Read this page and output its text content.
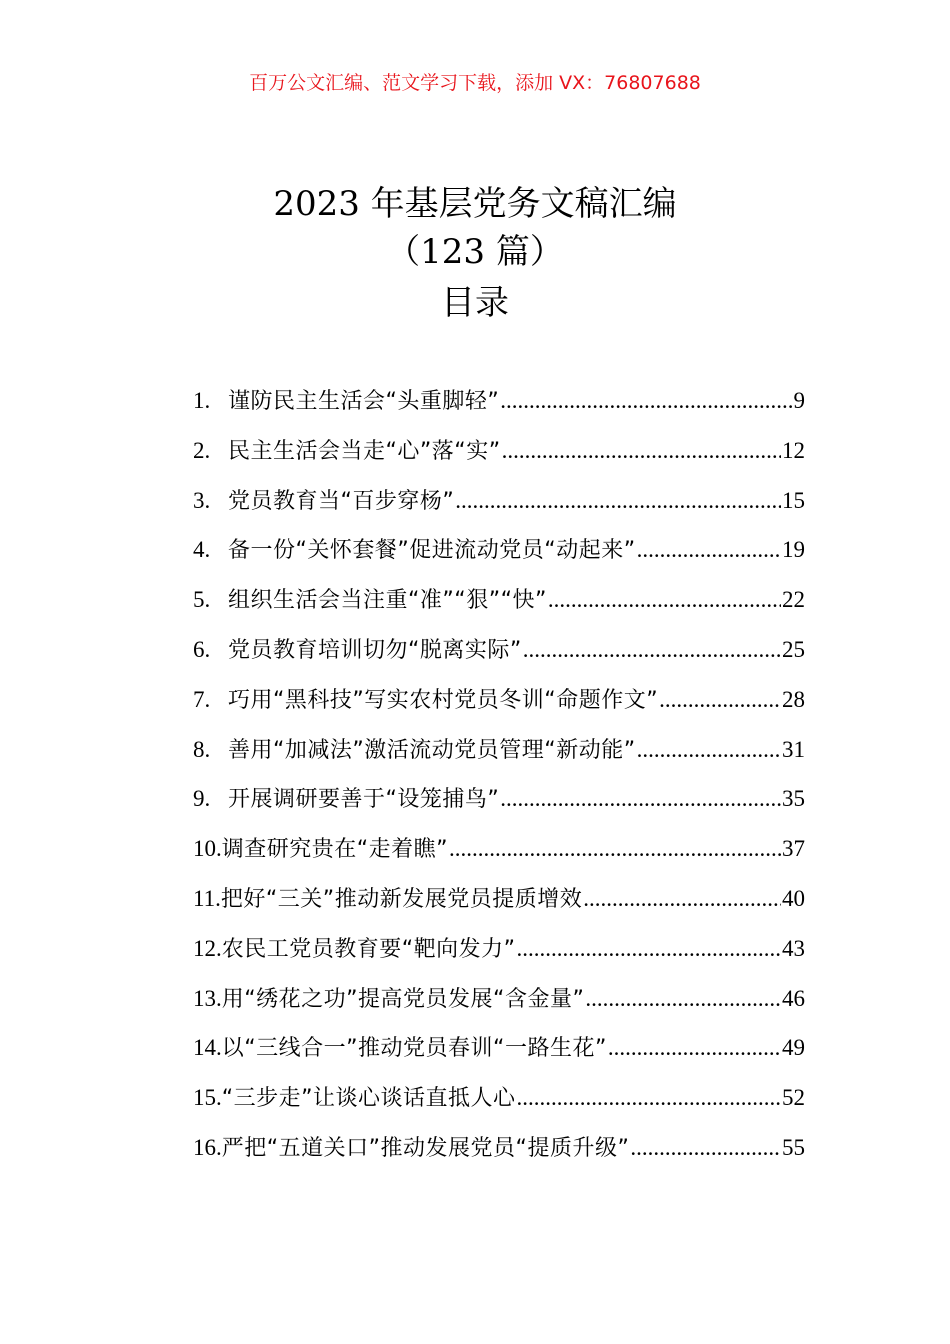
百万公文汇编、范文学习下载，添加 VX：76807688
2023 年基层党务文稿汇编
（123 篇）
目录
1. 谨防民主生活会“头重脚轻” .....	9
2. 民主生活会当走“心”落“实” .....	12
3. 党员教育当“百步穿杨” .....	15
4. 备一份“关怀套餐”促进流动党员“动起来” .....	19
5. 组织生活会当注重“准”“狠”“快” .....	22
6. 党员教育培训切勿“脱离实际” .....	25
7. 巧用“黑科技”写实农村党员冬训“命题作文” .....	28
8. 善用“加减法”激活流动党员管理“新动能” .....	31
9. 开展调研要善于“设笼捕鸟” .....	35
10. 调查研究贵在“走着瞧” .....	37
11. 把好“三关”推动新发展党员提质增效 .....	40
12. 农民工党员教育要“靶向发力” .....	43
13. 用“绣花之功”提高党员发展“含金量” .....	46
14. 以“三线合一”推动党员春训“一路生花” .....	49
15. “三步走”让谈心谈话直抵人心 .....	52
16. 严把“五道关口”推动发展党员“提质升级” .....	55
